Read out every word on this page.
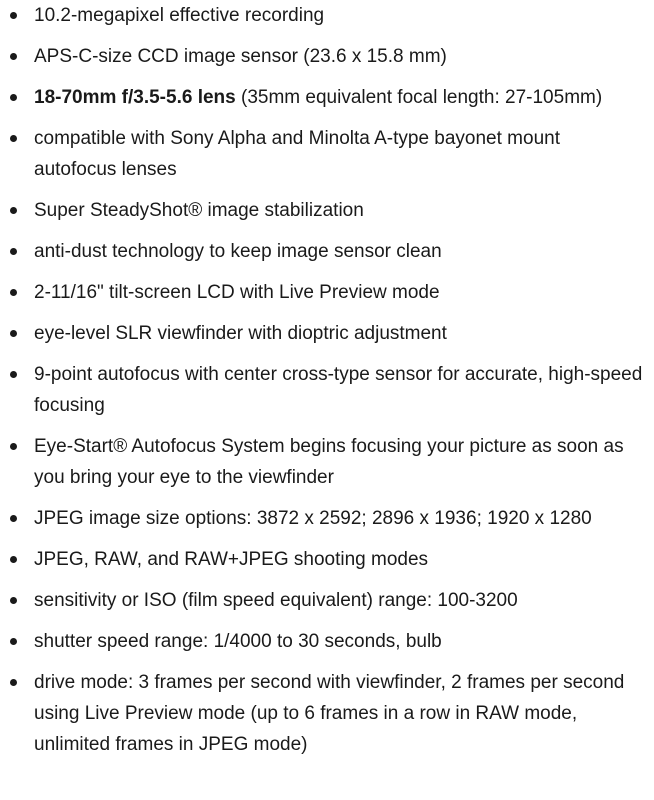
10.2-megapixel effective recording
APS-C-size CCD image sensor (23.6 x 15.8 mm)
18-70mm f/3.5-5.6 lens (35mm equivalent focal length: 27-105mm)
compatible with Sony Alpha and Minolta A-type bayonet mount autofocus lenses
Super SteadyShot® image stabilization
anti-dust technology to keep image sensor clean
2-11/16" tilt-screen LCD with Live Preview mode
eye-level SLR viewfinder with dioptric adjustment
9-point autofocus with center cross-type sensor for accurate, high-speed focusing
Eye-Start® Autofocus System begins focusing your picture as soon as you bring your eye to the viewfinder
JPEG image size options: 3872 x 2592; 2896 x 1936; 1920 x 1280
JPEG, RAW, and RAW+JPEG shooting modes
sensitivity or ISO (film speed equivalent) range: 100-3200
shutter speed range: 1/4000 to 30 seconds, bulb
drive mode: 3 frames per second with viewfinder, 2 frames per second using Live Preview mode (up to 6 frames in a row in RAW mode, unlimited frames in JPEG mode)
